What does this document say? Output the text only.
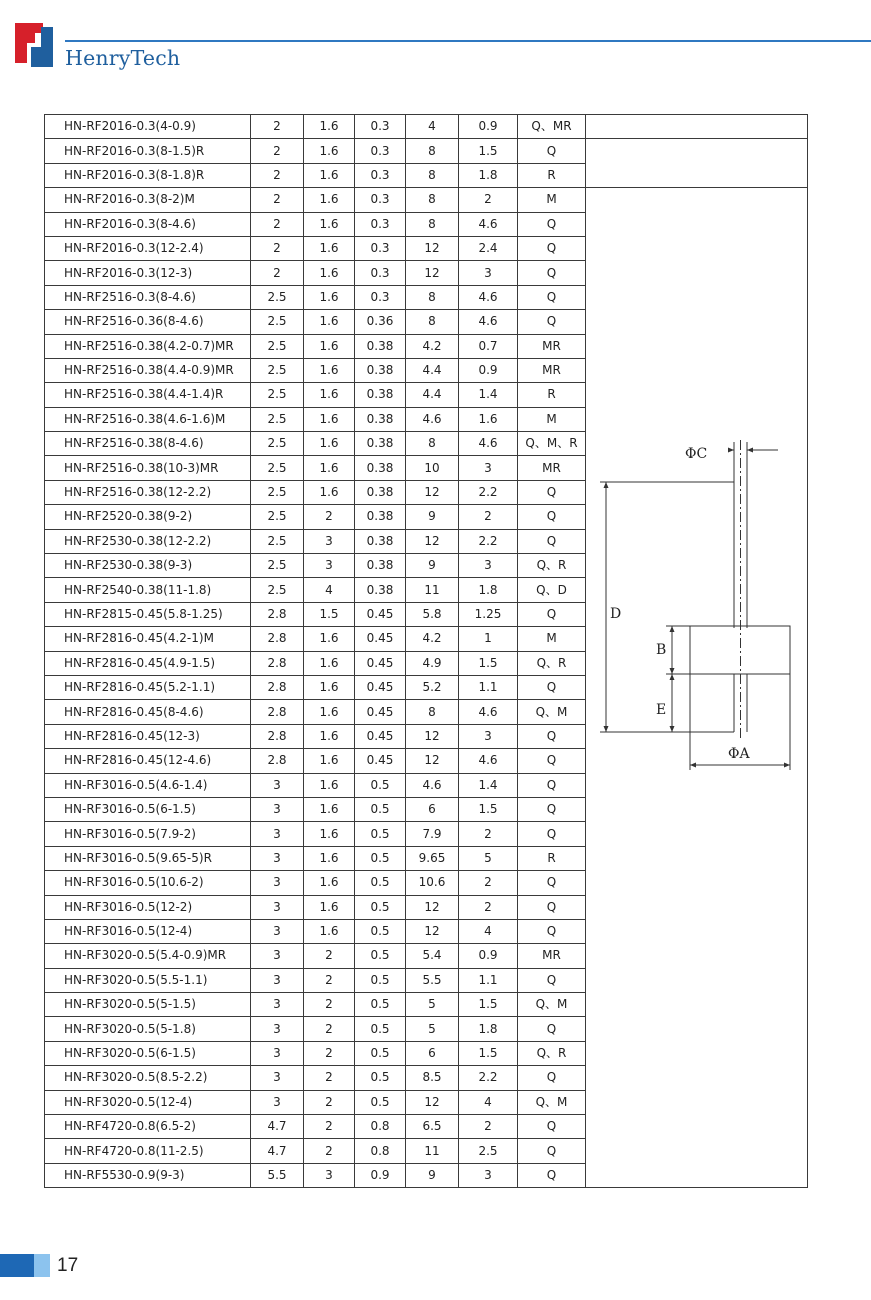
HenryTech
HN-RF2016-0.3(4-0.9)	2	1.6	0.3	4	0.9	Q、MR	
HN-RF2016-0.3(8-1.5)R	2	1.6	0.3	8	1.5	Q	
HN-RF2016-0.3(8-1.8)R	2	1.6	0.3	8	1.8	R	
HN-RF2016-0.3(8-2)M	2	1.6	0.3	8	2	M	
HN-RF2016-0.3(8-4.6)	2	1.6	0.3	8	4.6	Q	
HN-RF2016-0.3(12-2.4)	2	1.6	0.3	12	2.4	Q	
HN-RF2016-0.3(12-3)	2	1.6	0.3	12	3	Q	
HN-RF2516-0.3(8-4.6)	2.5	1.6	0.3	8	4.6	Q	
HN-RF2516-0.36(8-4.6)	2.5	1.6	0.36	8	4.6	Q	
HN-RF2516-0.38(4.2-0.7)MR	2.5	1.6	0.38	4.2	0.7	MR	
HN-RF2516-0.38(4.4-0.9)MR	2.5	1.6	0.38	4.4	0.9	MR	
HN-RF2516-0.38(4.4-1.4)R	2.5	1.6	0.38	4.4	1.4	R	
HN-RF2516-0.38(4.6-1.6)M	2.5	1.6	0.38	4.6	1.6	M	
HN-RF2516-0.38(8-4.6)	2.5	1.6	0.38	8	4.6	Q、M、R	
HN-RF2516-0.38(10-3)MR	2.5	1.6	0.38	10	3	MR	
HN-RF2516-0.38(12-2.2)	2.5	1.6	0.38	12	2.2	Q	
HN-RF2520-0.38(9-2)	2.5	2	0.38	9	2	Q	
HN-RF2530-0.38(12-2.2)	2.5	3	0.38	12	2.2	Q	
HN-RF2530-0.38(9-3)	2.5	3	0.38	9	3	Q、R	
HN-RF2540-0.38(11-1.8)	2.5	4	0.38	11	1.8	Q、D	
HN-RF2815-0.45(5.8-1.25)	2.8	1.5	0.45	5.8	1.25	Q	
HN-RF2816-0.45(4.2-1)M	2.8	1.6	0.45	4.2	1	M	
HN-RF2816-0.45(4.9-1.5)	2.8	1.6	0.45	4.9	1.5	Q、R	
HN-RF2816-0.45(5.2-1.1)	2.8	1.6	0.45	5.2	1.1	Q	
HN-RF2816-0.45(8-4.6)	2.8	1.6	0.45	8	4.6	Q、M	
HN-RF2816-0.45(12-3)	2.8	1.6	0.45	12	3	Q	
HN-RF2816-0.45(12-4.6)	2.8	1.6	0.45	12	4.6	Q	
HN-RF3016-0.5(4.6-1.4)	3	1.6	0.5	4.6	1.4	Q	
HN-RF3016-0.5(6-1.5)	3	1.6	0.5	6	1.5	Q	
HN-RF3016-0.5(7.9-2)	3	1.6	0.5	7.9	2	Q	
HN-RF3016-0.5(9.65-5)R	3	1.6	0.5	9.65	5	R	
HN-RF3016-0.5(10.6-2)	3	1.6	0.5	10.6	2	Q	
HN-RF3016-0.5(12-2)	3	1.6	0.5	12	2	Q	
HN-RF3016-0.5(12-4)	3	1.6	0.5	12	4	Q	
HN-RF3020-0.5(5.4-0.9)MR	3	2	0.5	5.4	0.9	MR	
HN-RF3020-0.5(5.5-1.1)	3	2	0.5	5.5	1.1	Q	
HN-RF3020-0.5(5-1.5)	3	2	0.5	5	1.5	Q、M	
HN-RF3020-0.5(5-1.8)	3	2	0.5	5	1.8	Q	
HN-RF3020-0.5(6-1.5)	3	2	0.5	6	1.5	Q、R	
HN-RF3020-0.5(8.5-2.2)	3	2	0.5	8.5	2.2	Q	
HN-RF3020-0.5(12-4)	3	2	0.5	12	4	Q、M	
HN-RF4720-0.8(6.5-2)	4.7	2	0.8	6.5	2	Q	
HN-RF4720-0.8(11-2.5)	4.7	2	0.8	11	2.5	Q	
HN-RF5530-0.9(9-3)	5.5	3	0.9	9	3	Q	
ΦC
D
B
E
ΦA
17
